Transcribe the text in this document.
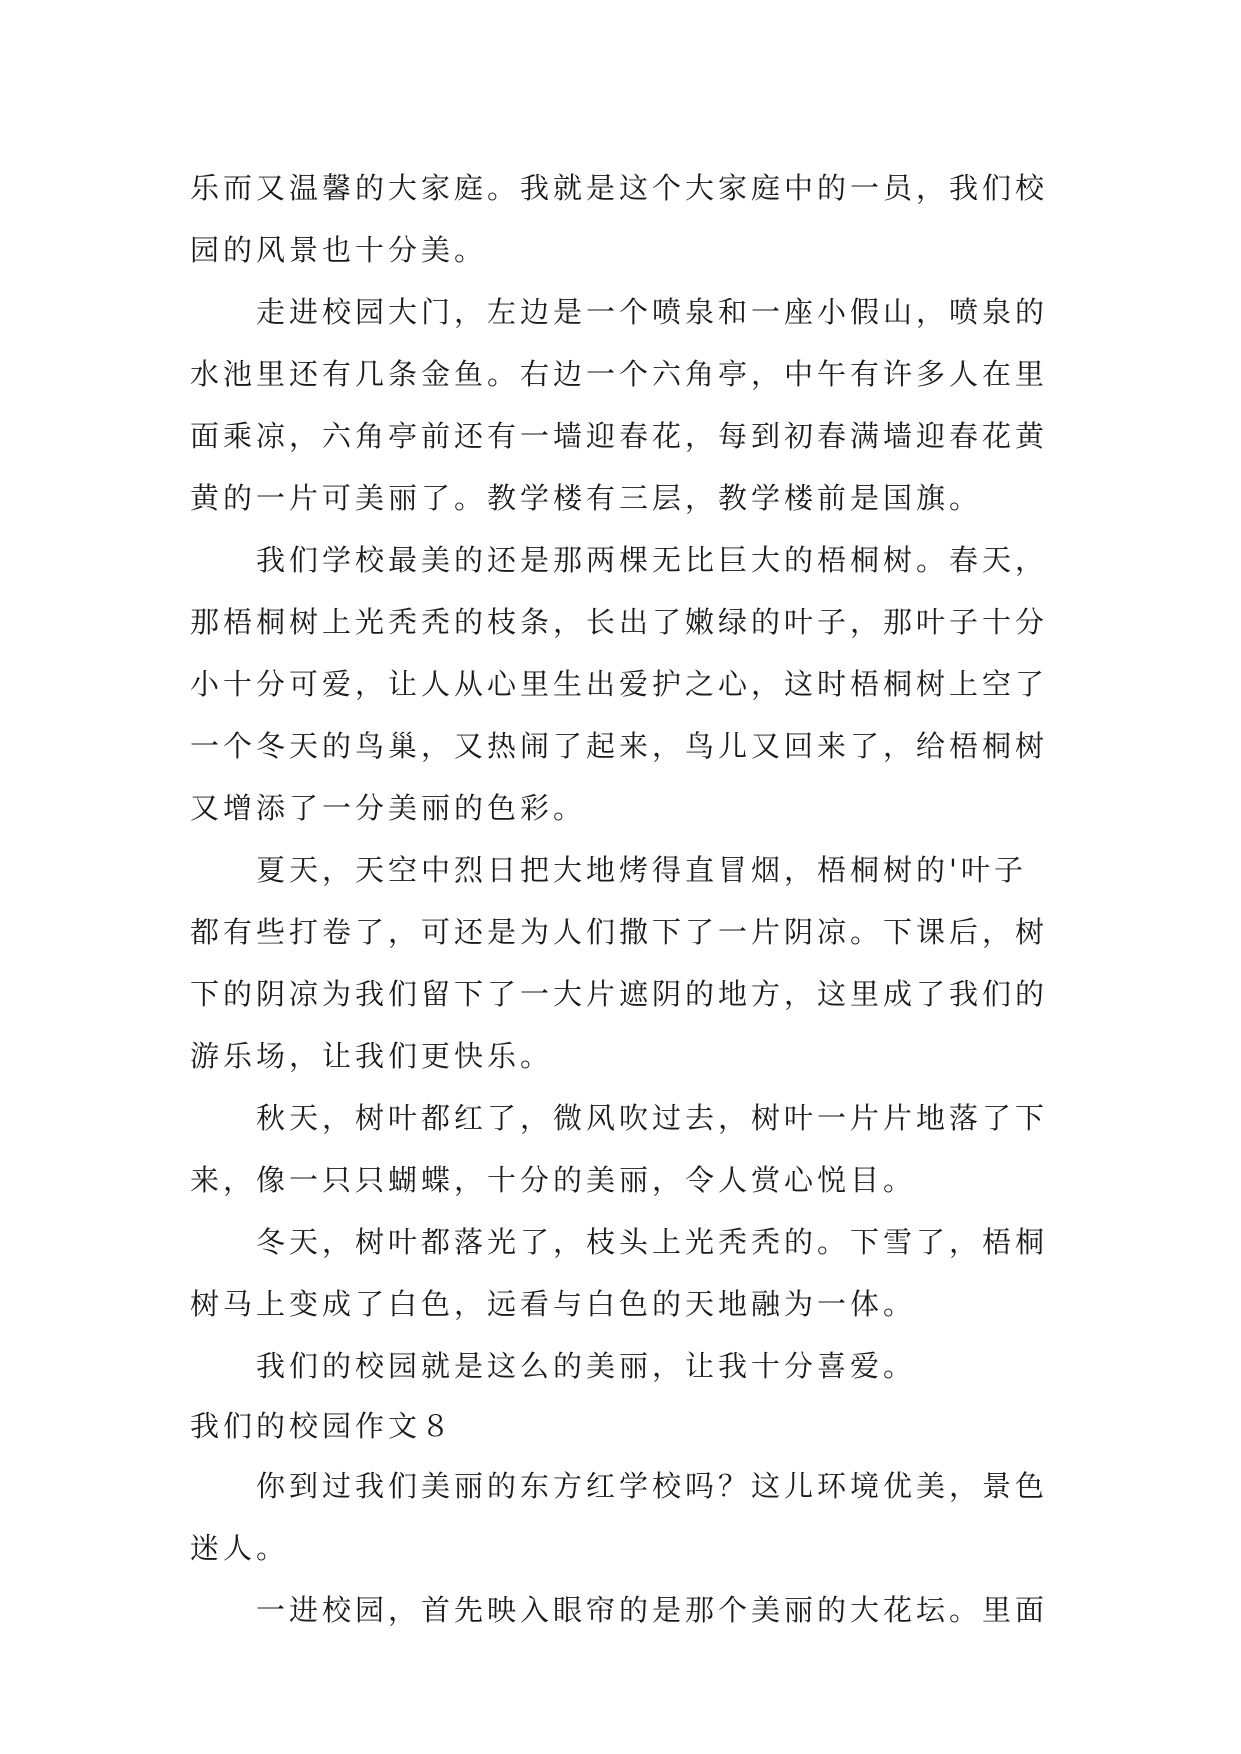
乐而又温馨的大家庭。我就是这个大家庭中的一员，我们校
园的风景也十分美。
走进校园大门，左边是一个喷泉和一座小假山，喷泉的
水池里还有几条金鱼。右边一个六角亭，中午有许多人在里
面乘凉，六角亭前还有一墙迎春花，每到初春满墙迎春花黄
黄的一片可美丽了。教学楼有三层，教学楼前是国旗。
我们学校最美的还是那两棵无比巨大的梧桐树。春天，
那梧桐树上光秃秃的枝条，长出了嫩绿的叶子，那叶子十分
小十分可爱，让人从心里生出爱护之心，这时梧桐树上空了
一个冬天的鸟巢，又热闹了起来，鸟儿又回来了，给梧桐树
又增添了一分美丽的色彩。
夏天，天空中烈日把大地烤得直冒烟，梧桐树的'叶子
都有些打卷了，可还是为人们撒下了一片阴凉。下课后，树
下的阴凉为我们留下了一大片遮阴的地方，这里成了我们的
游乐场，让我们更快乐。
秋天，树叶都红了，微风吹过去，树叶一片片地落了下
来，像一只只蝴蝶，十分的美丽，令人赏心悦目。
冬天，树叶都落光了，枝头上光秃秃的。下雪了，梧桐
树马上变成了白色，远看与白色的天地融为一体。
我们的校园就是这么的美丽，让我十分喜爱。
我们的校园作文８
你到过我们美丽的东方红学校吗？这儿环境优美，景色
迷人。
一进校园，首先映入眼帘的是那个美丽的大花坛。里面
